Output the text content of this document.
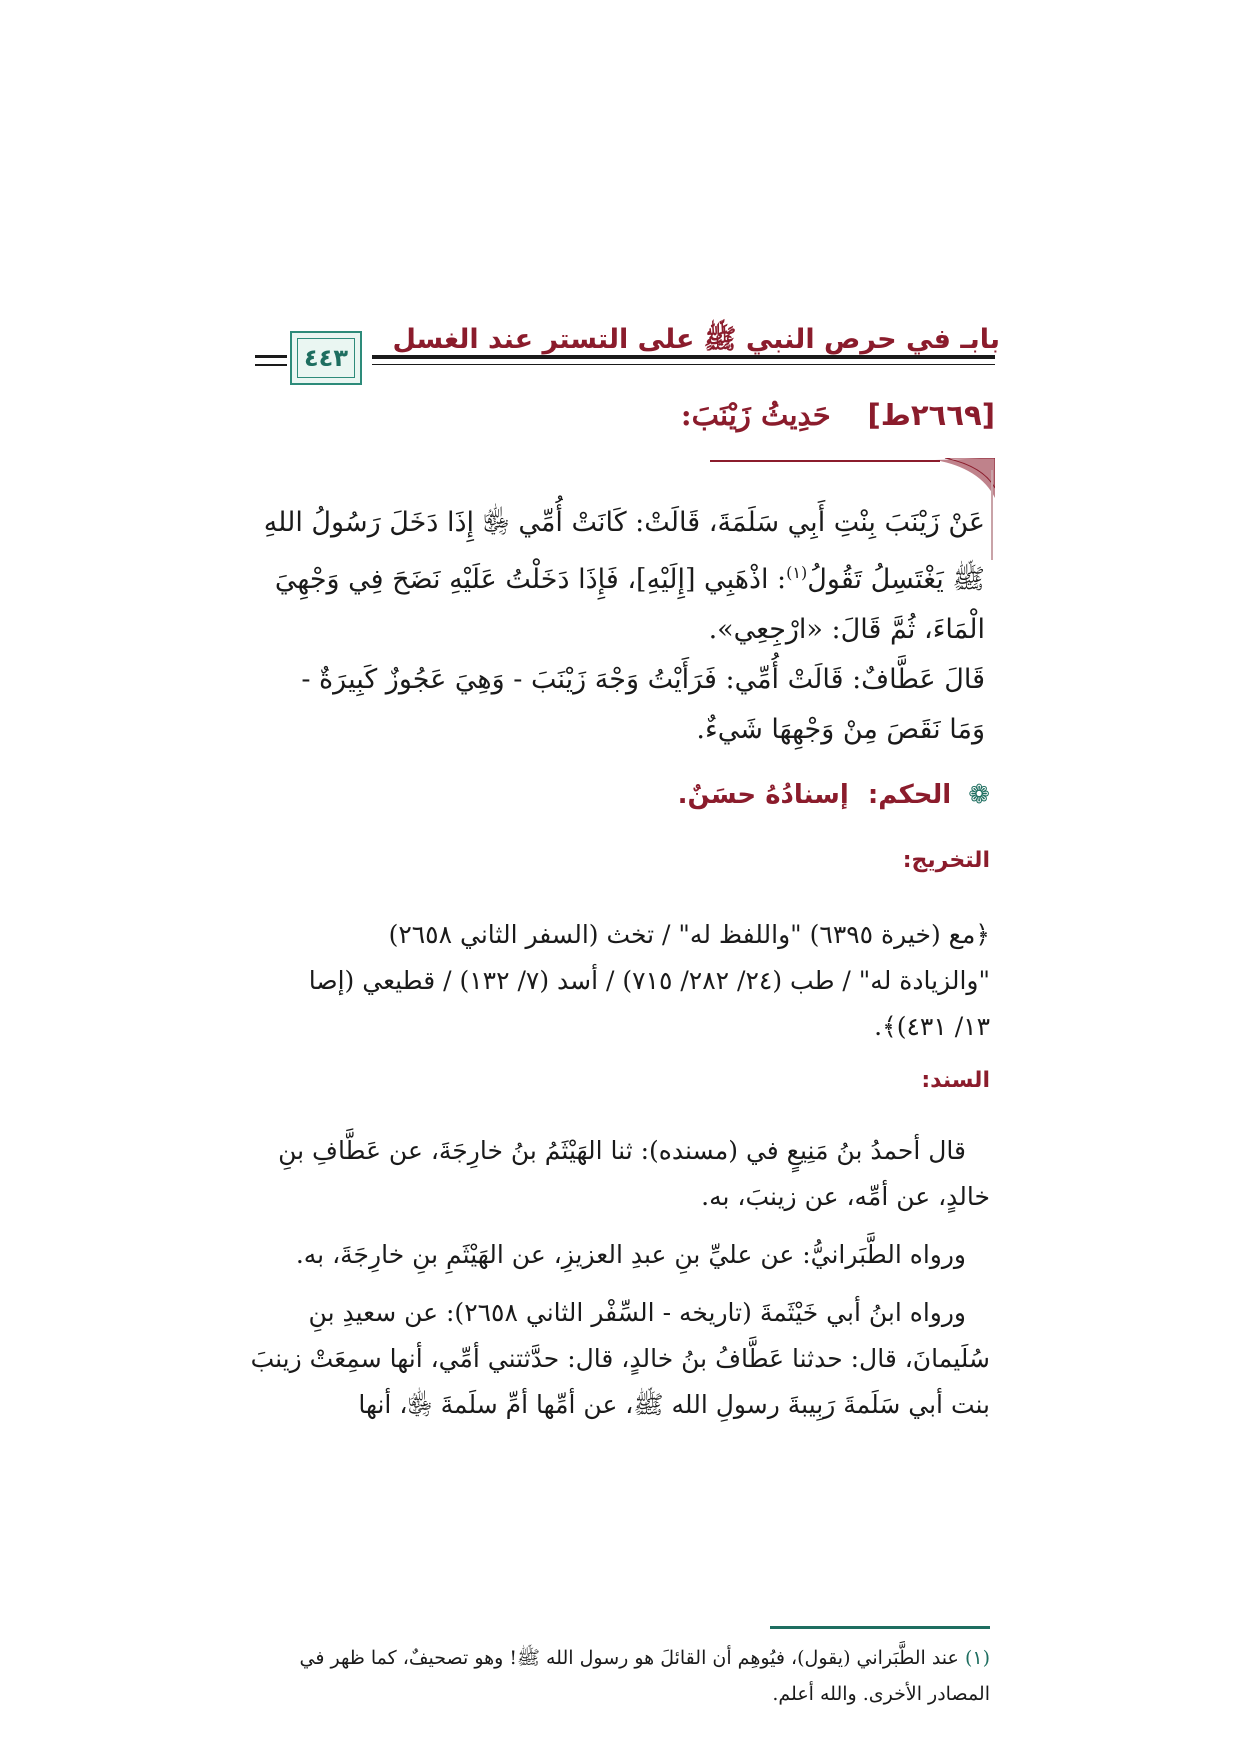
بابـ في حرص النبي ﷺ على التستر عند الغسل
٤٤٣
[٢٦٦٩ط]    حَدِيثُ زَيْنَبَ:

عَنْ زَيْنَبَ بِنْتِ أَبِي سَلَمَةَ، قَالَتْ: كَانَتْ أُمِّي ﵂ إِذَا دَخَلَ رَسُولُ اللهِ

ﷺ يَغْتَسِلُ تَقُولُ$^{(١)}$: اذْهَبِي [إِلَيْهِ]، فَإِذَا دَخَلْتُ عَلَيْهِ نَضَحَ فِي وَجْهِيَ

الْمَاءَ، ثُمَّ قَالَ: «ارْجِعِي».

قَالَ عَطَّافٌ: قَالَتْ أُمِّي: فَرَأَيْتُ وَجْهَ زَيْنَبَ - وَهِيَ عَجُوزٌ كَبِيرَةٌ -

وَمَا نَقَصَ مِنْ وَجْهِهَا شَيءٌ.

❁ الحكم: إسنادُهُ حسَنٌ.
التخريج:

﴿مع (خيرة ٦٣٩٥) "واللفظ له" / تخث (السفر الثاني ٢٦٥٨)

"والزيادة له" / طب (٢٤/ ٢٨٢/ ٧١٥) / أسد (٧/ ١٣٢) / قطيعي (إصا

١٣/ ٤٣١)﴾.

السند:

قال أحمدُ بنُ مَنِيعٍ في (مسنده): ثنا الهَيْثَمُ بنُ خارِجَةَ، عن عَطَّافِ بنِ خالدٍ، عن أمِّه، عن زينبَ، به.

ورواه الطَّبَرانيُّ: عن عليِّ بنِ عبدِ العزيزِ، عن الهَيْثَمِ بنِ خارِجَةَ، به.

ورواه ابنُ أبي خَيْثَمةَ (تاريخه - السِّفْر الثاني ٢٦٥٨): عن سعيدِ بنِ سُلَيمانَ، قال: حدثنا عَطَّافُ بنُ خالدٍ، قال: حدَّثتني أمِّي، أنها سمِعَتْ زينبَ بنت أبي سَلَمةَ رَبِيبةَ رسولِ الله ﷺ، عن أمِّها أمِّ سلَمةَ ﵂، أنها

(١) عند الطَّبَراني (يقول)، فيُوهِم أن القائلَ هو رسول الله ﷺ! وهو تصحيفٌ، كما ظهر في المصادر الأخرى. والله أعلم.
